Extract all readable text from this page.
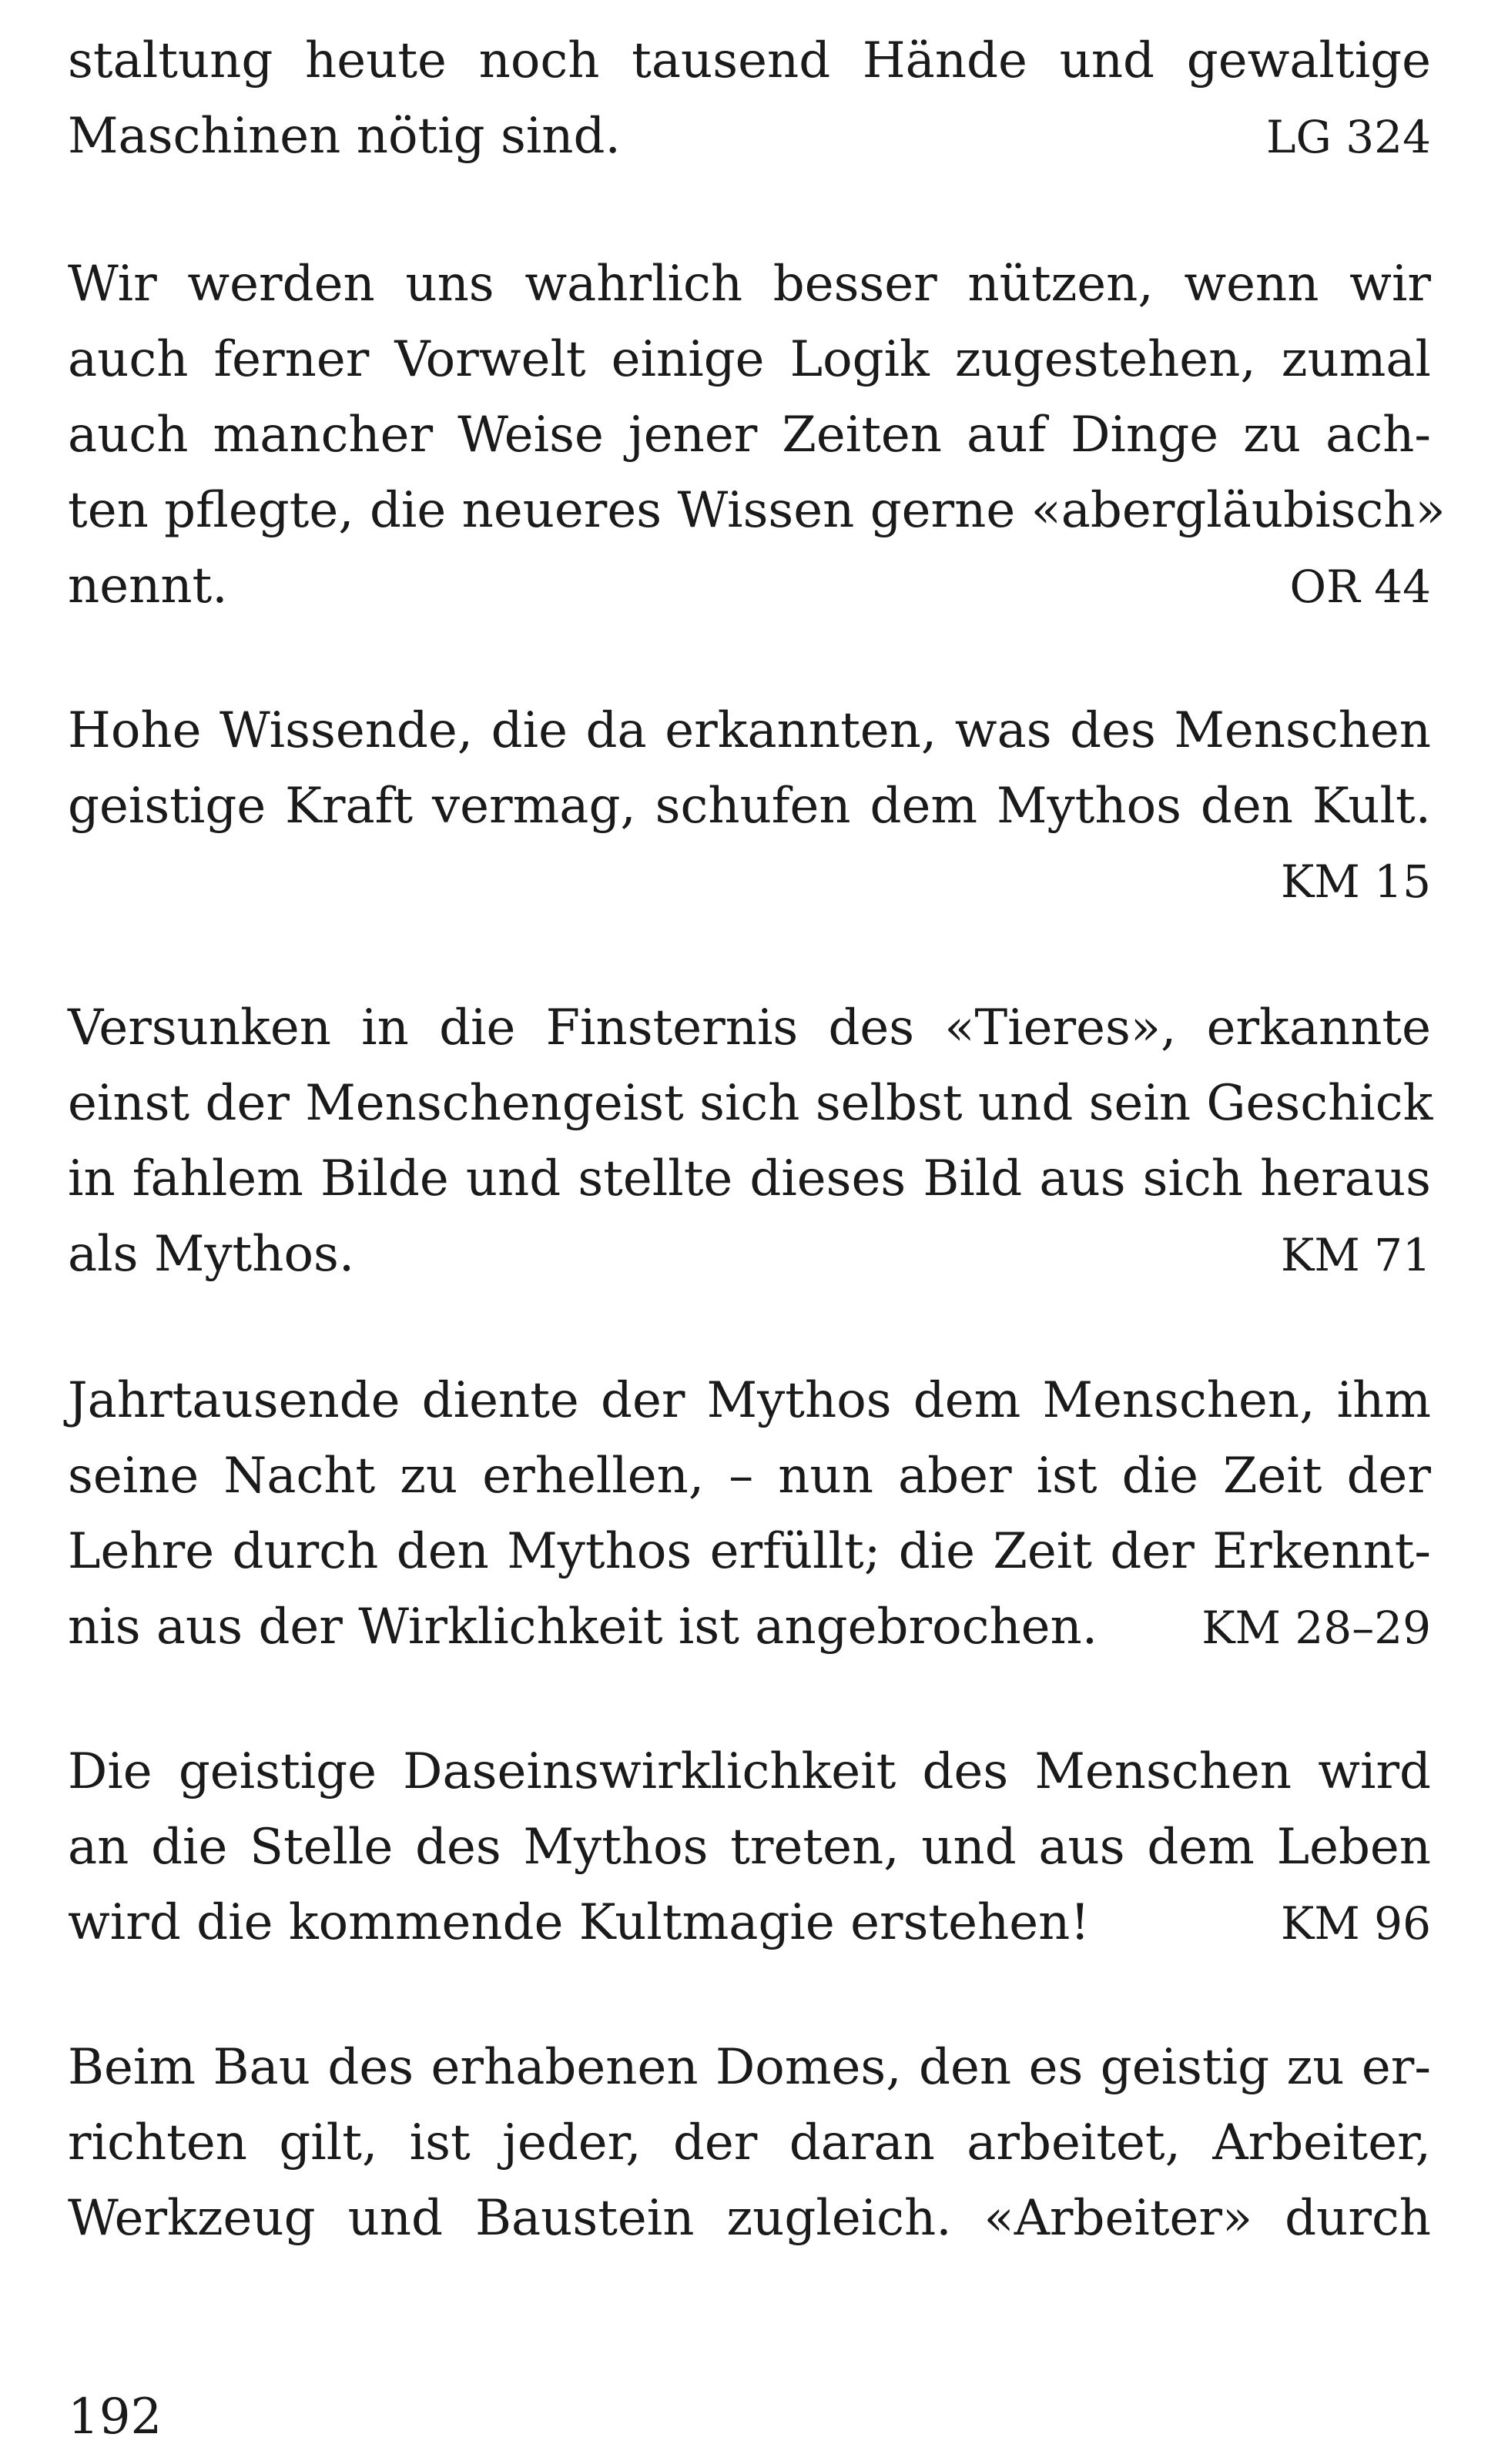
staltung heute noch tausend Hände und gewaltige
Maschinen nötig sind.	LG 324
Wir werden uns wahrlich besser nützen, wenn wir
auch ferner Vorwelt einige Logik zugestehen, zumal
auch mancher Weise jener Zeiten auf Dinge zu ach-
ten pflegte, die neueres Wissen gerne «abergläubisch»
nennt.	OR 44
Hohe Wissende, die da erkannten, was des Menschen
geistige Kraft vermag, schufen dem Mythos den Kult.
KM 15
Versunken in die Finsternis des «Tieres», erkannte
einst der Menschengeist sich selbst und sein Geschick
in fahlem Bilde und stellte dieses Bild aus sich heraus
als Mythos.	KM 71
Jahrtausende diente der Mythos dem Menschen, ihm
seine Nacht zu erhellen, – nun aber ist die Zeit der
Lehre durch den Mythos erfüllt; die Zeit der Erkennt-
nis aus der Wirklichkeit ist angebrochen. KM 28–29
Die geistige Daseinswirklichkeit des Menschen wird
an die Stelle des Mythos treten, und aus dem Leben
wird die kommende Kultmagie erstehen!	KM 96
Beim Bau des erhabenen Domes, den es geistig zu er-
richten gilt, ist jeder, der daran arbeitet, Arbeiter,
Werkzeug und Baustein zugleich. «Arbeiter» durch
192
